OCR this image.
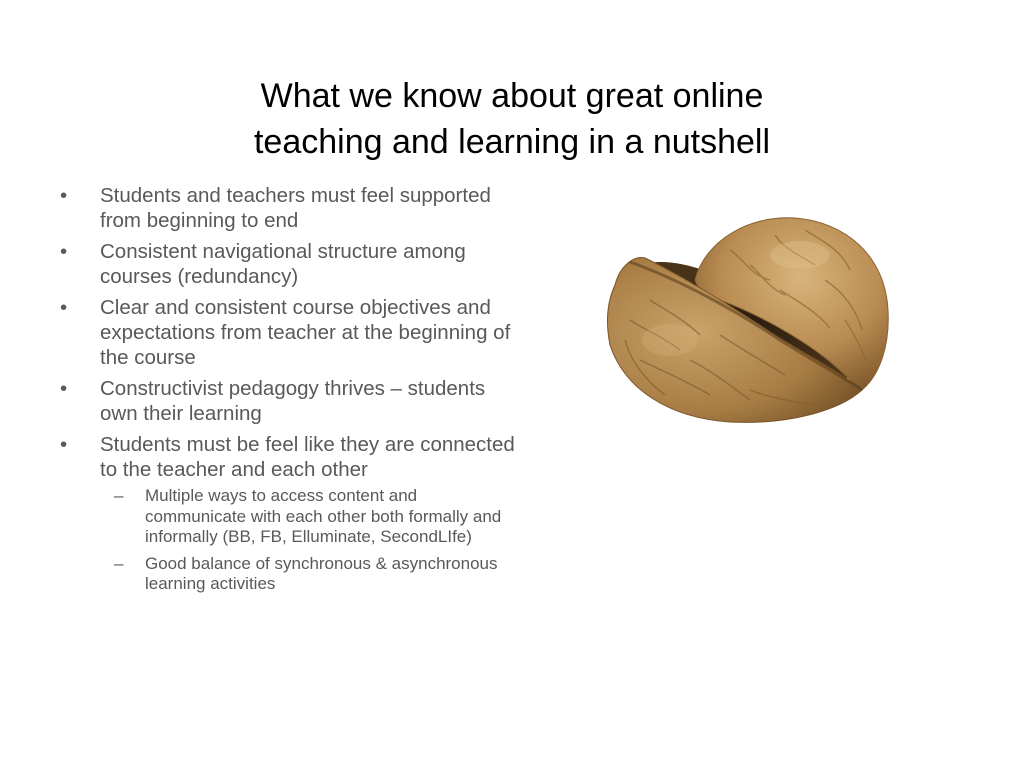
What we know about great online
teaching and learning in a nutshell
•	Students and teachers must feel supported from beginning to end
•	Consistent navigational structure among courses (redundancy)
•	Clear and consistent course objectives and expectations from teacher at the beginning of the course
•	Constructivist pedagogy thrives – students own their learning
•	Students must be feel like they are connected to the teacher and each other
–	Multiple ways to access content and communicate with each other both formally and informally (BB, FB, Elluminate, SecondLIfe)
–	Good balance of synchronous & asynchronous learning activities
